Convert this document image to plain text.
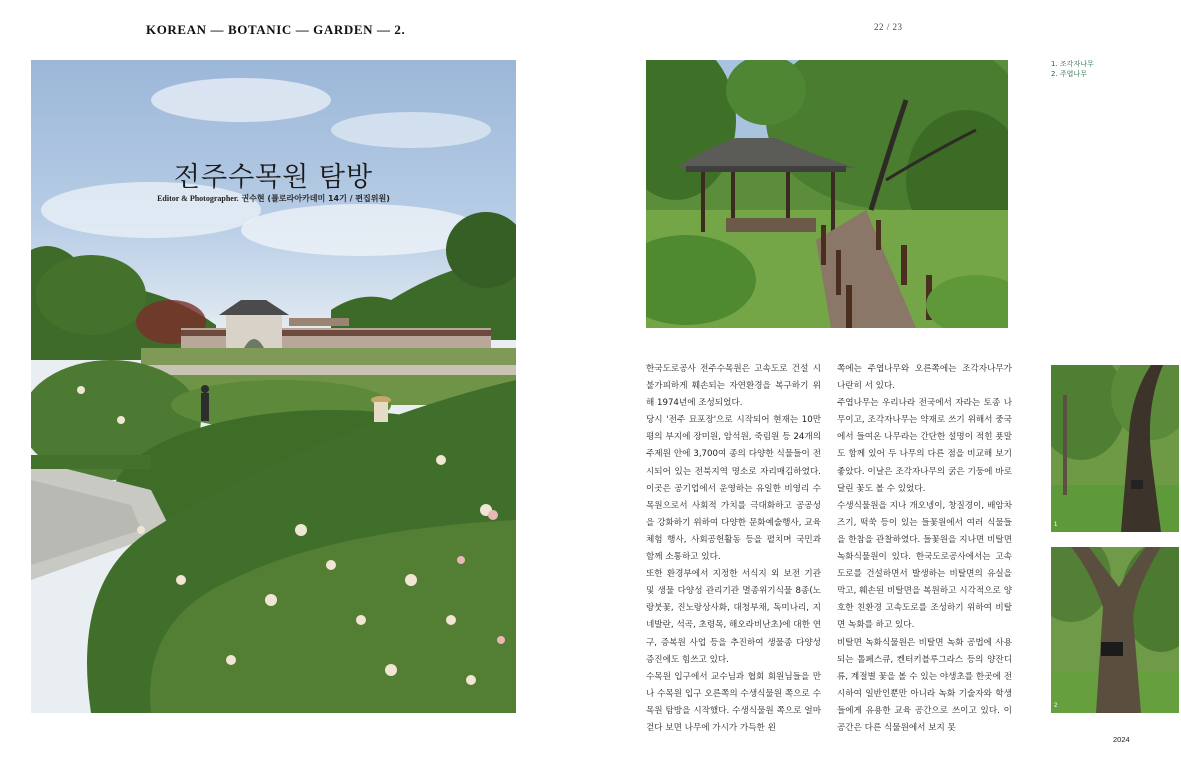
KOREAN — BOTANIC — GARDEN — 2.	22 / 23
전주수목원 탐방
Editor & Photographer. 권수현 (플로라아카데미 14기 / 편집위원)
1. 조각자나무
2. 주엽나무
1
2

한국도로공사 전주수목원은 고속도로 건설 시 불가피하게 훼손되는 자연환경을 복구하기 위해 1974년에 조성되었다.

당시 '전주 묘포장'으로 시작되어 현재는 10만 평의 부지에 장미원, 암석원, 죽림원 등 24개의 주제원 안에 3,700여 종의 다양한 식물들이 전시되어 있는 전북지역 명소로 자리매김하였다. 이곳은 공기업에서 운영하는 유일한 비영리 수목원으로서 사회적 가치를 극대화하고 공공성을 강화하기 위하여 다양한 문화예술행사, 교육 체험 행사, 사회공헌활동 등을 펼치며 국민과 함께 소통하고 있다.

또한 환경부에서 지정한 서식지 외 보전 기관 및 생물 다양성 관리기관 멸종위기식물 8종(노랑붓꽃, 진노랑상사화, 대청부채, 독미나리, 지네발란, 석곡, 초령목, 해오라비난초)에 대한 연구, 증복원 사업 등을 추진하여 생물종 다양성 증진에도 힘쓰고 있다.

수목원 입구에서 교수님과 협회 회원님들을 만나 수목원 입구 오른쪽의 수생식물원 쪽으로 수목원 탐방을 시작했다. 수생식물원 쪽으로 얼마 걷다 보면 나무에 가시가 가득한 왼

쪽에는 주엽나무와 오른쪽에는 조각자나무가 나란히 서 있다.

주엽나무는 우리나라 전국에서 자라는 토종 나무이고, 조각자나무는 약재로 쓰기 위해서 중국에서 들여온 나무라는 간단한 설명이 적힌 푯말도 함께 있어 두 나무의 다른 점을 비교해 보기 좋았다. 이날은 조각자나무의 굵은 기둥에 바로 달린 꽃도 볼 수 있었다.

수생식물원을 지나 개오넹이, 창질경이, 배암차즈기, 떡쑥 등이 있는 들꽃원에서 여러 식물들을 한참을 관찰하였다. 들꽃원을 지나면 비탈면 녹화식물원이 있다. 한국도로공사에서는 고속도로를 건설하면서 발생하는 비탈면의 유실을 막고, 훼손된 비탈면을 복원하고 시각적으로 양호한 친환경 고속도로를 조성하기 위하여 비탈면 녹화를 하고 있다.

비탈면 녹화식물원은 비탈면 녹화 공법에 사용되는 톨페스큐, 켄터키블루그라스 등의 양잔디류, 계절별 꽃을 볼 수 있는 야생초를 한곳에 전시하여 일반인뿐만 아니라 녹화 기술자와 학생들에게 유용한 교육 공간으로 쓰이고 있다. 이 공간은 다른 식물원에서 보지 못

2024
